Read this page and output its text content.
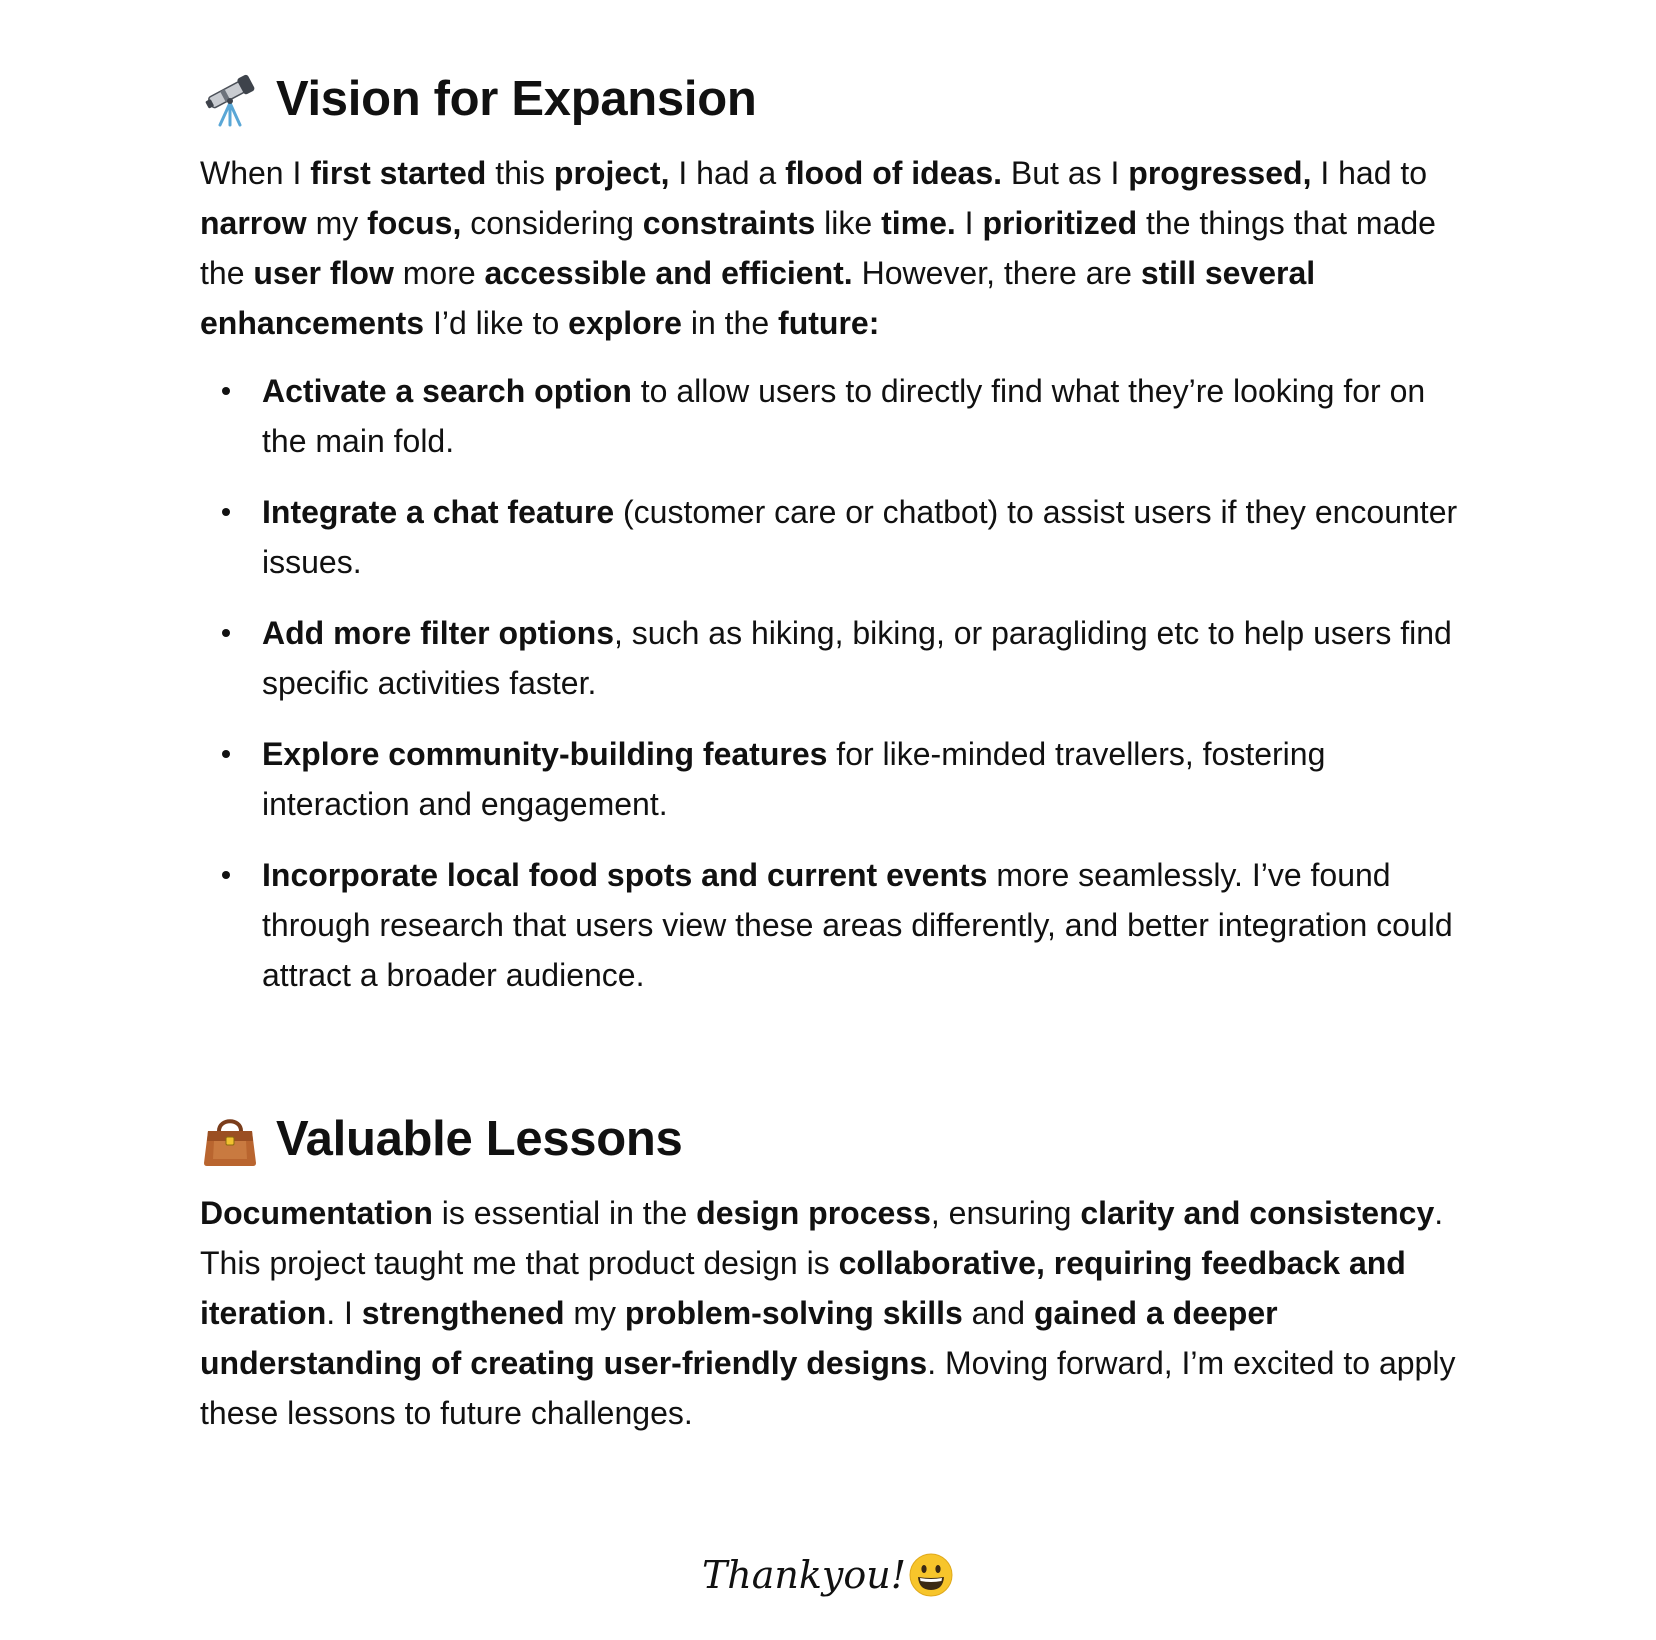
Vision for Expansion

When I first started this project, I had a flood of ideas. But as I progressed, I had to narrow my focus, considering constraints like time. I prioritized the things that made the user flow more accessible and efficient. However, there are still several enhancements I’d like to explore in the future:

Activate a search option to allow users to directly find what they’re looking for on the main fold.
Integrate a chat feature (customer care or chatbot) to assist users if they encounter issues.
Add more filter options, such as hiking, biking, or paragliding etc to help users find specific activities faster.
Explore community-building features for like-minded travellers, fostering interaction and engagement.
Incorporate local food spots and current events more seamlessly. I’ve found through research that users view these areas differently, and better integration could attract a broader audience.
Valuable Lessons

Documentation is essential in the design process, ensuring clarity and consistency. This project taught me that product design is collaborative, requiring feedback and iteration. I strengthened my problem-solving skills and gained a deeper understanding of creating user-friendly designs. Moving forward, I’m excited to apply these lessons to future challenges.

Thankyou!
